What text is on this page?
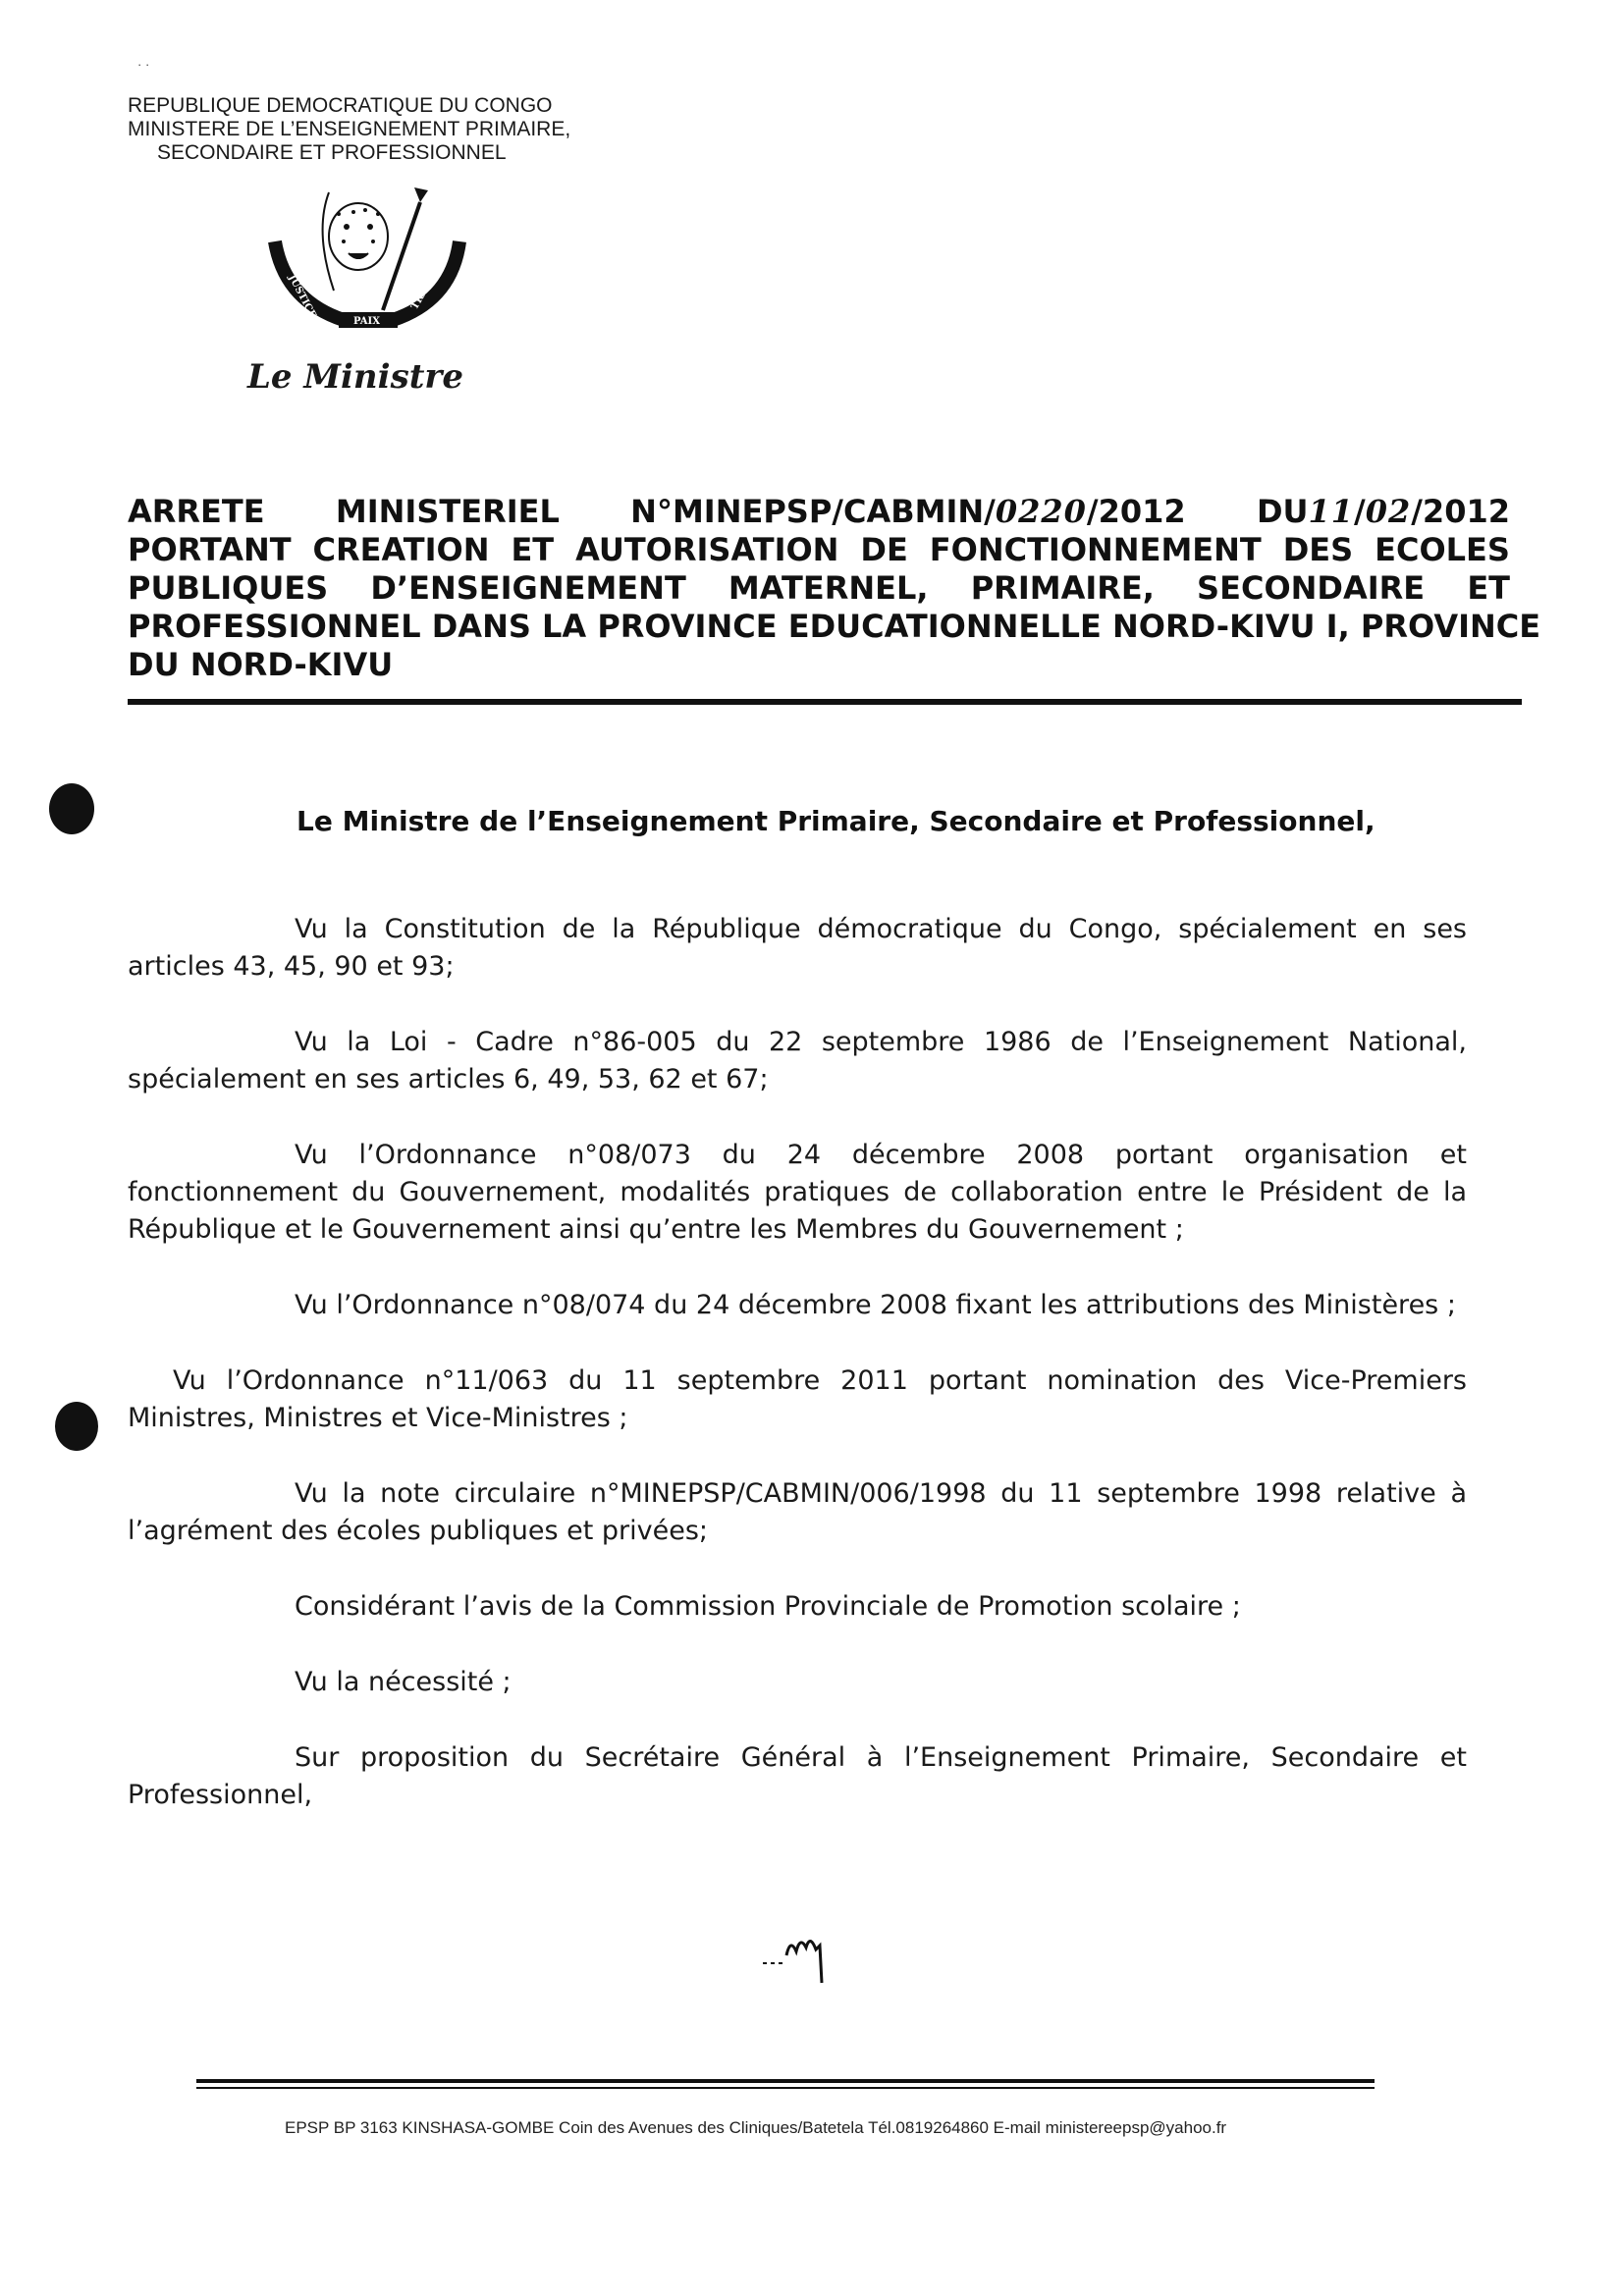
· ·
REPUBLIQUE DEMOCRATIQUE DU CONGO
MINISTERE DE L’ENSEIGNEMENT PRIMAIRE,
SECONDAIRE ET PROFESSIONNEL
JUSTICE
PAIX
TRAVAIL
Le Ministre
ARRETE MINISTERIEL N°MINEPSP/CABMIN/0220/2012 DU11/02/2012
PORTANT CREATION ET AUTORISATION DE FONCTIONNEMENT DES ECOLES
PUBLIQUES D’ENSEIGNEMENT MATERNEL, PRIMAIRE, SECONDAIRE ET
PROFESSIONNEL DANS LA PROVINCE EDUCATIONNELLE NORD-KIVU I, PROVINCE
DU NORD-KIVU
Le Ministre de l’Enseignement Primaire, Secondaire et Professionnel,

Vu la Constitution de la République démocratique du Congo, spécialement en ses articles 43, 45, 90 et 93;

Vu la Loi - Cadre n°86-005 du 22 septembre 1986 de l’Enseignement National, spécialement en ses articles 6, 49, 53, 62 et 67;

Vu l’Ordonnance n°08/073 du 24 décembre 2008 portant organisation et fonctionnement du Gouvernement, modalités pratiques de collaboration entre le Président de la République et le Gouvernement ainsi qu’entre les Membres du Gouvernement ;

Vu l’Ordonnance n°08/074 du 24 décembre 2008 fixant les attributions des Ministères ;

Vu l’Ordonnance n°11/063 du 11 septembre 2011 portant nomination des Vice-Premiers Ministres, Ministres et Vice-Ministres ;

Vu la note circulaire n°MINEPSP/CABMIN/006/1998 du 11 septembre 1998 relative à l’agrément des écoles publiques et privées;

Considérant l’avis de la Commission Provinciale de Promotion scolaire ;

Vu la nécessité ;

Sur proposition du Secrétaire Général à l’Enseignement Primaire, Secondaire et Professionnel,

EPSP BP 3163 KINSHASA-GOMBE Coin des Avenues des Cliniques/Batetela Tél.0819264860 E-mail ministereepsp@yahoo.fr
